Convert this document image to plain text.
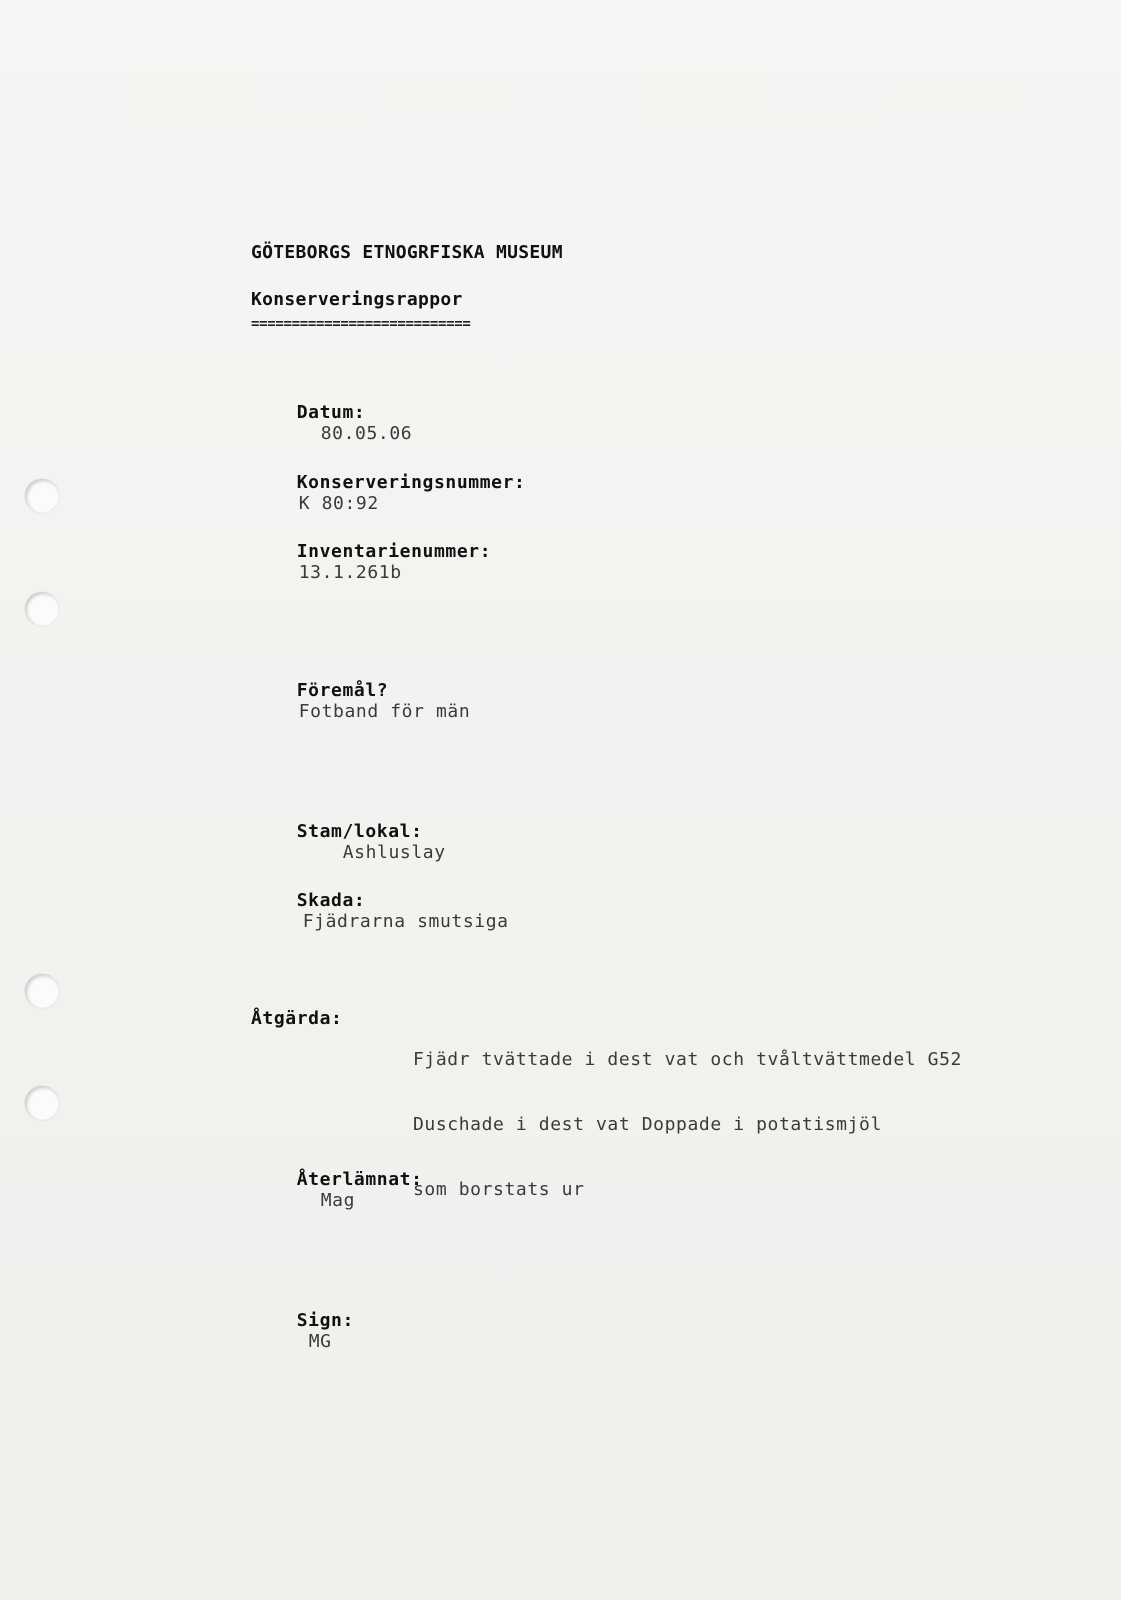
GÖTEBORGS ETNOGRFISKA MUSEUM
Konserveringsrappor
===========================

Datum:
80.05.06

Konserveringsnummer:
K 80:92

Inventarienummer:
13.1.261b

Föremål?
Fotband för män

Stam/lokal:
Ashluslay

Skada:
Fjädrarna smutsiga

Åtgärda:

Fjädr tvättade i dest vat och tvåltvättmedel G52

Duschade i dest vat Doppade i potatismjöl

som borstats ur

Återlämnat:
Mag

Sign:
MG
